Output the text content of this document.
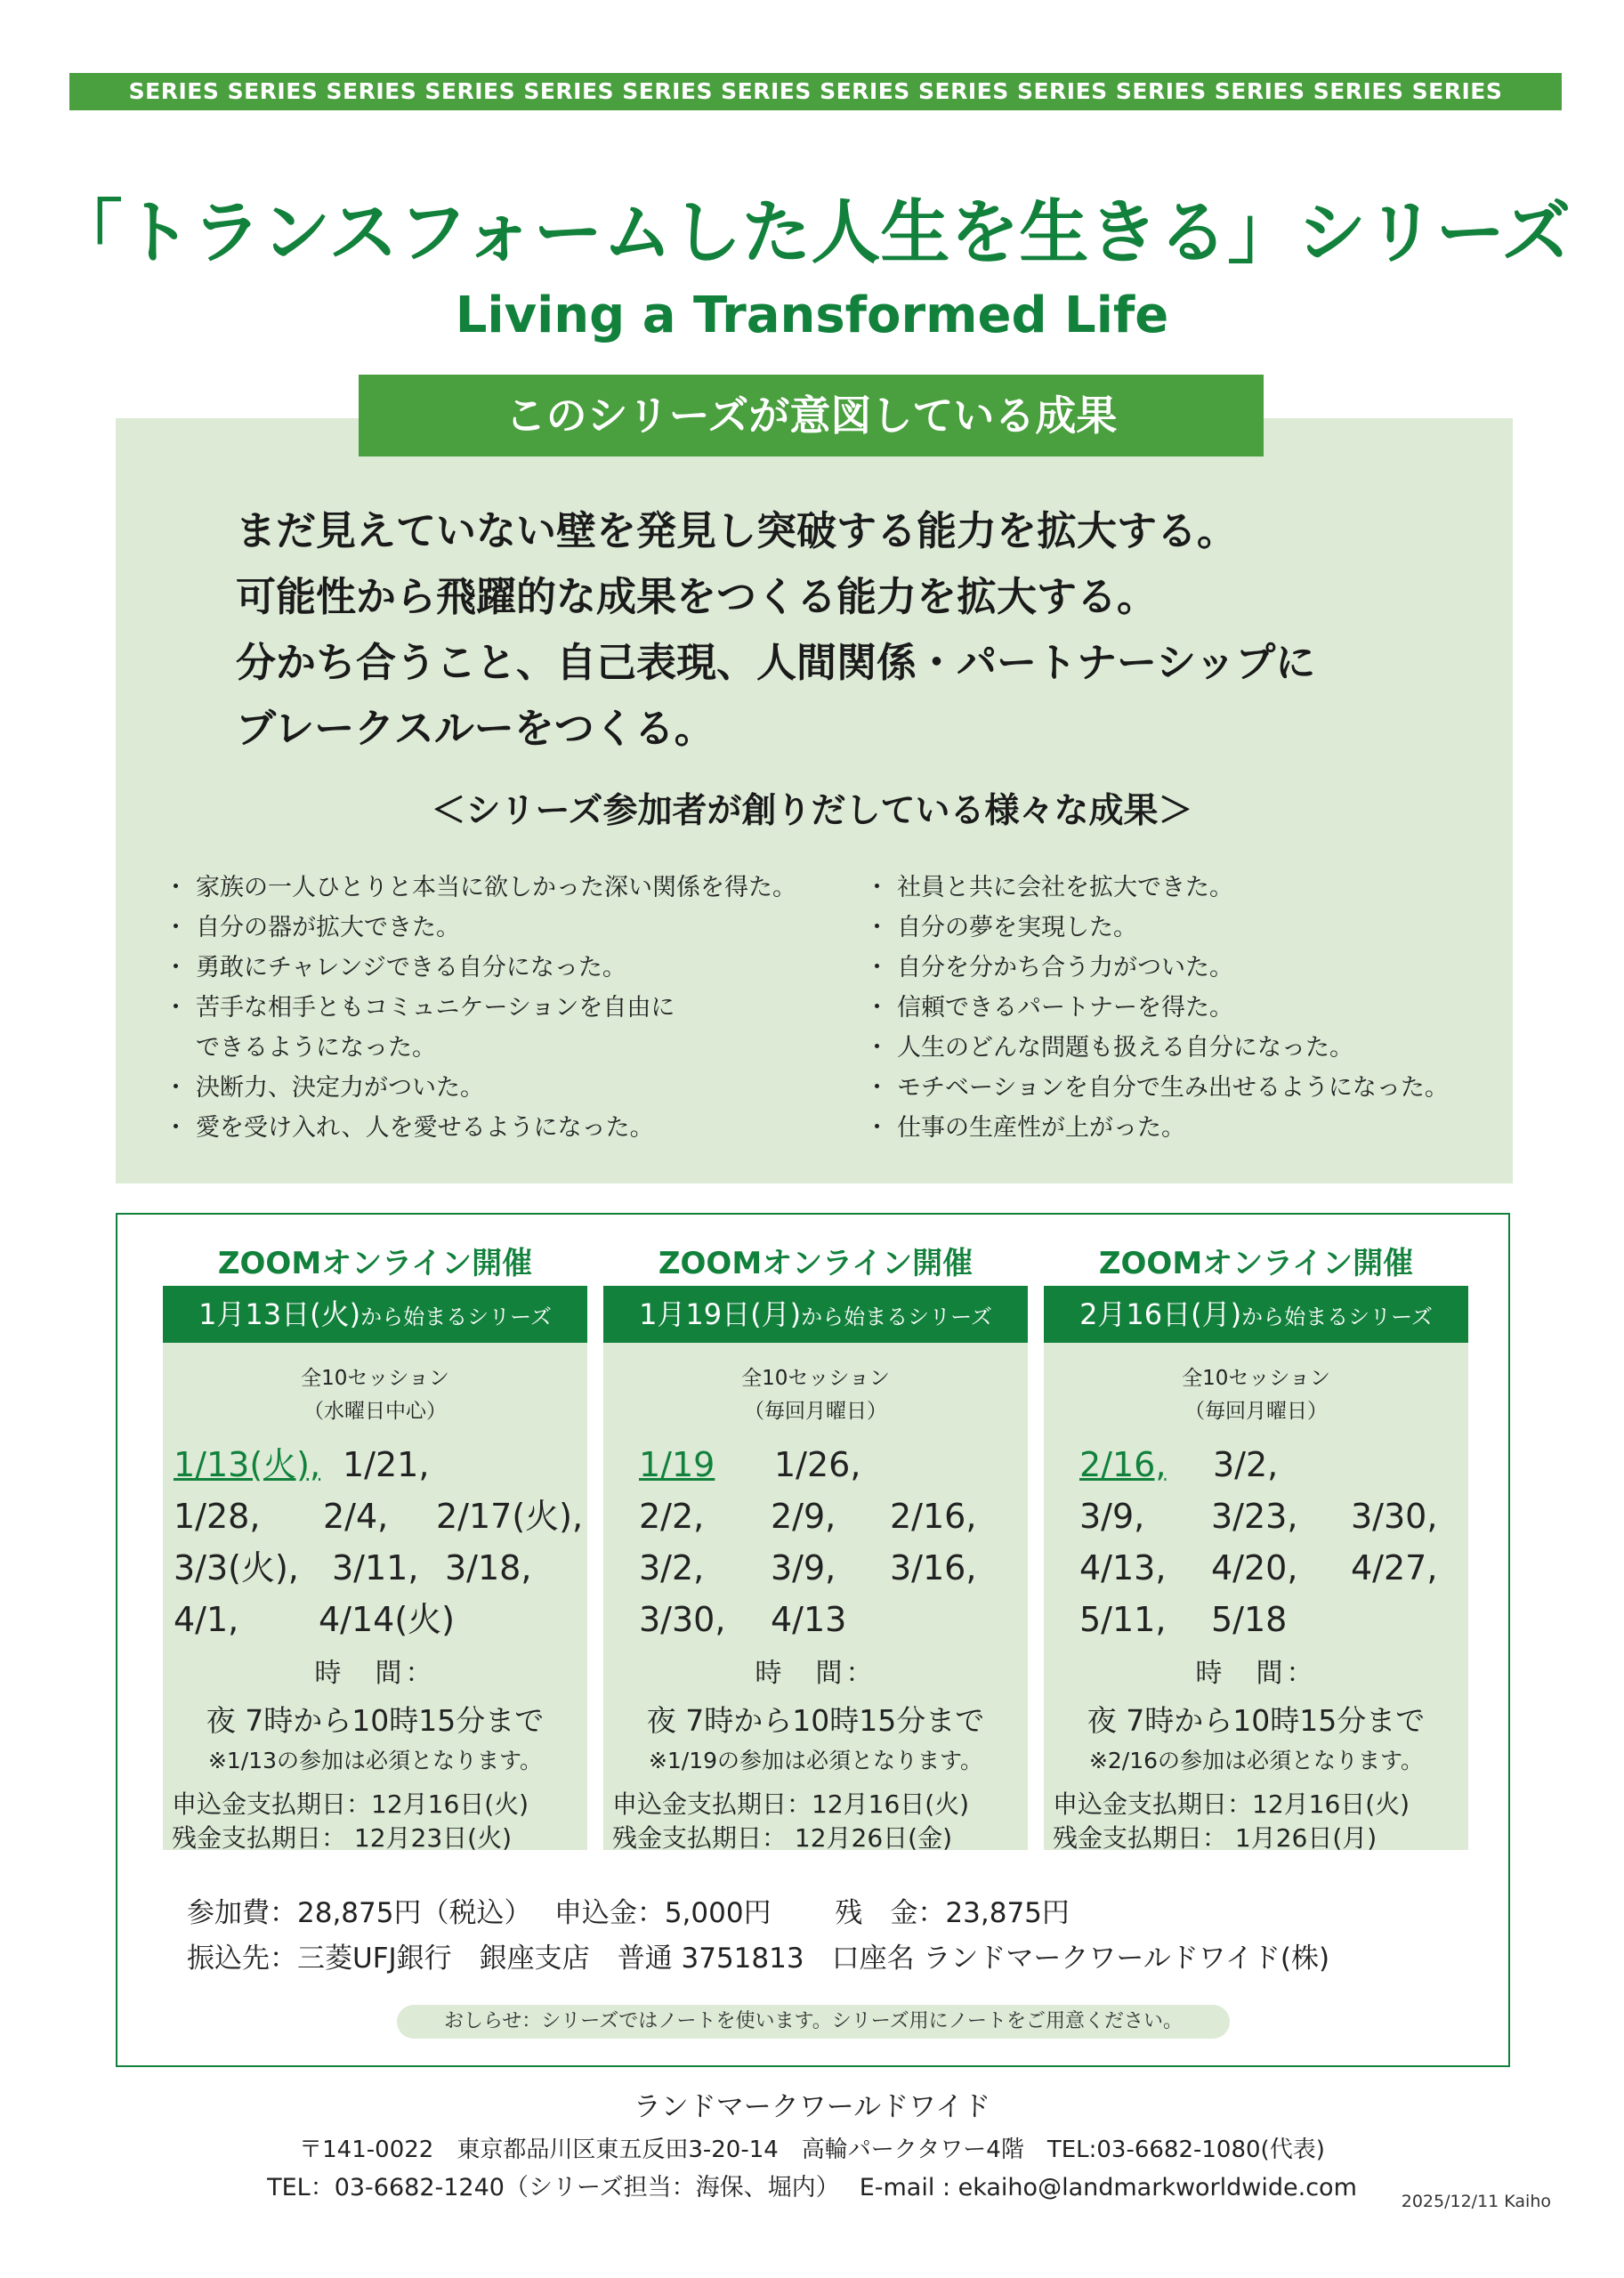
SERIES SERIES SERIES SERIES SERIES SERIES SERIES SERIES SERIES SERIES SERIES SERIES SERIES SERIES
「トランスフォームした人生を生きる」シリーズ
Living a Transformed Life
このシリーズが意図している成果
まだ見えていない壁を発見し突破する能力を拡大する。
可能性から飛躍的な成果をつくる能力を拡大する。
分かち合うこと、自己表現、人間関係・パートナーシップに
ブレークスルーをつくる。
＜シリーズ参加者が創りだしている様々な成果＞
・ 家族の一人ひとりと本当に欲しかった深い関係を得た。
・ 自分の器が拡大できた。
・ 勇敢にチャレンジできる自分になった。
・ 苦手な相手ともコミュニケーションを自由に
できるようになった。
・ 決断力、決定力がついた。
・ 愛を受け入れ、人を愛せるようになった。
・ 社員と共に会社を拡大できた。
・ 自分の夢を実現した。
・ 自分を分かち合う力がついた。
・ 信頼できるパートナーを得た。
・ 人生のどんな問題も扱える自分になった。
・ モチベーションを自分で生み出せるようになった。
・ 仕事の生産性が上がった。
ZOOMオンライン開催
1月13日(火)から始まるシリーズ
全10セッション
（水曜日中心）
1/13(火), 1/21,
1/28, 2/4, 2/17(火),
3/3(火), 3/11, 3/18,
4/1, 4/14(火)
時　間：
夜 7時から10時15分まで
※1/13の参加は必須となります。
申込金支払期日：12月16日(火)
残金支払期日： 12月23日(火)
ZOOMオンライン開催
1月19日(月)から始まるシリーズ
全10セッション
（毎回月曜日）
1/19 1/26,
2/2, 2/9, 2/16,
3/2, 3/9, 3/16,
3/30, 4/13
時　間：
夜 7時から10時15分まで
※1/19の参加は必須となります。
申込金支払期日：12月16日(火)
残金支払期日： 12月26日(金)
ZOOMオンライン開催
2月16日(月)から始まるシリーズ
全10セッション
（毎回月曜日）
2/16, 3/2,
3/9, 3/23, 3/30,
4/13, 4/20, 4/27,
5/11, 5/18
時　間：
夜 7時から10時15分まで
※2/16の参加は必須となります。
申込金支払期日：12月16日(火)
残金支払期日： 1月26日(月)
参加費：28,875円（税込）　 申込金：5,000円　　 残　金：23,875円
振込先：三菱UFJ銀行　銀座支店　普通 3751813　口座名 ランドマークワールドワイド(株)
おしらせ：シリーズではノートを使います。シリーズ用にノートをご用意ください。
ランドマークワールドワイド
〒141-0022　東京都品川区東五反田3-20-14　高輪パークタワー4階　TEL:03-6682-1080(代表)
TEL：03-6682-1240（シリーズ担当：海保、堀内）　 E-mail : ekaiho@landmarkworldwide.com	2025/12/11 Kaiho
